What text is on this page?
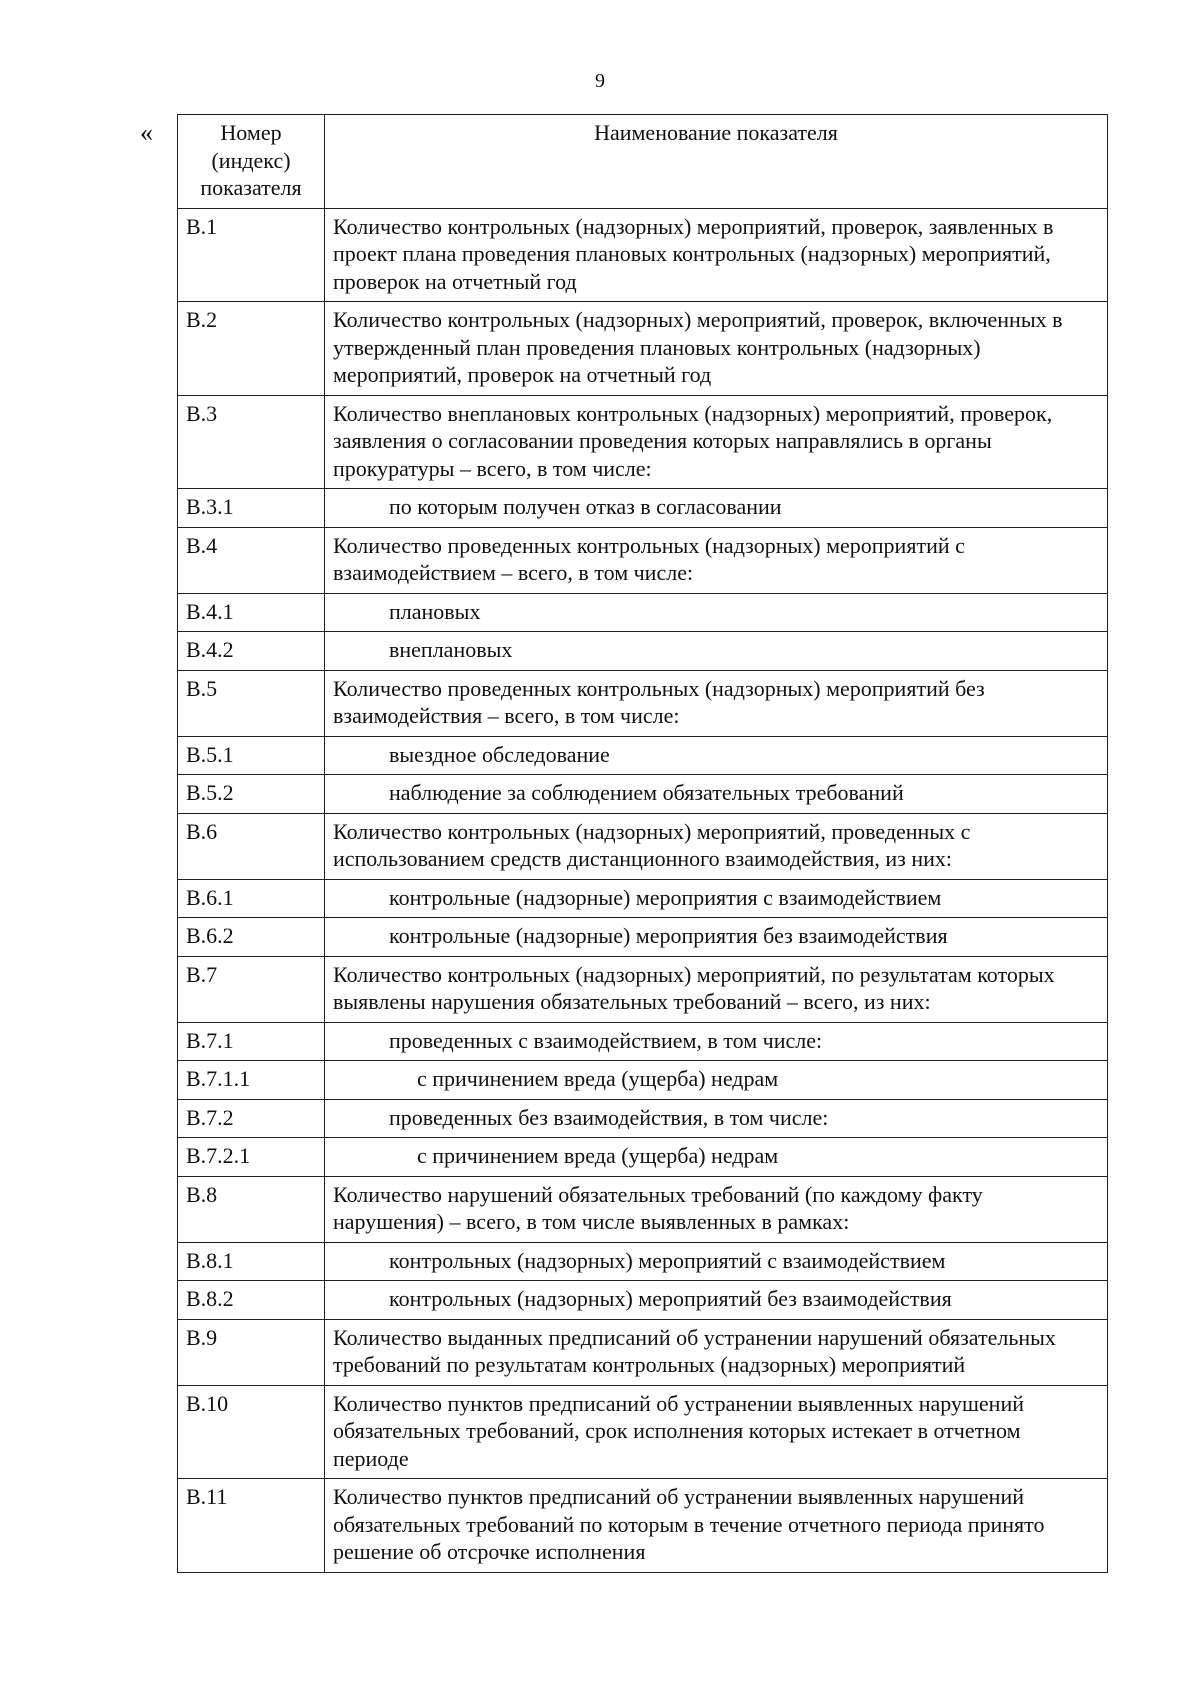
9
«	Номер (индекс) показателя	Наименование показателя
В.1	Количество контрольных (надзорных) мероприятий, проверок, заявленных в проект плана проведения плановых контрольных (надзорных) мероприятий, проверок на отчетный год
В.2	Количество контрольных (надзорных) мероприятий, проверок, включенных в утвержденный план проведения плановых контрольных (надзорных) мероприятий, проверок на отчетный год
В.3	Количество внеплановых контрольных (надзорных) мероприятий, проверок, заявления о согласовании проведения которых направлялись в органы прокуратуры – всего, в том числе:
В.3.1	по которым получен отказ в согласовании
В.4	Количество проведенных контрольных (надзорных) мероприятий с взаимодействием – всего, в том числе:
В.4.1	плановых
В.4.2	внеплановых
В.5	Количество проведенных контрольных (надзорных) мероприятий без взаимодействия – всего, в том числе:
В.5.1	выездное обследование
В.5.2	наблюдение за соблюдением обязательных требований
В.6	Количество контрольных (надзорных) мероприятий, проведенных с использованием средств дистанционного взаимодействия, из них:
В.6.1	контрольные (надзорные) мероприятия с взаимодействием
В.6.2	контрольные (надзорные) мероприятия без взаимодействия
В.7	Количество контрольных (надзорных) мероприятий, по результатам которых выявлены нарушения обязательных требований – всего, из них:
В.7.1	проведенных с взаимодействием, в том числе:
В.7.1.1	с причинением вреда (ущерба) недрам
В.7.2	проведенных без взаимодействия, в том числе:
В.7.2.1	с причинением вреда (ущерба) недрам
В.8	Количество нарушений обязательных требований (по каждому факту нарушения) – всего, в том числе выявленных в рамках:
В.8.1	контрольных (надзорных) мероприятий с взаимодействием
В.8.2	контрольных (надзорных) мероприятий без взаимодействия
В.9	Количество выданных предписаний об устранении нарушений обязательных требований по результатам контрольных (надзорных) мероприятий
В.10	Количество пунктов предписаний об устранении выявленных нарушений обязательных требований, срок исполнения которых истекает в отчетном периоде
В.11	Количество пунктов предписаний об устранении выявленных нарушений обязательных требований по которым в течение отчетного периода принято решение об отсрочке исполнения
